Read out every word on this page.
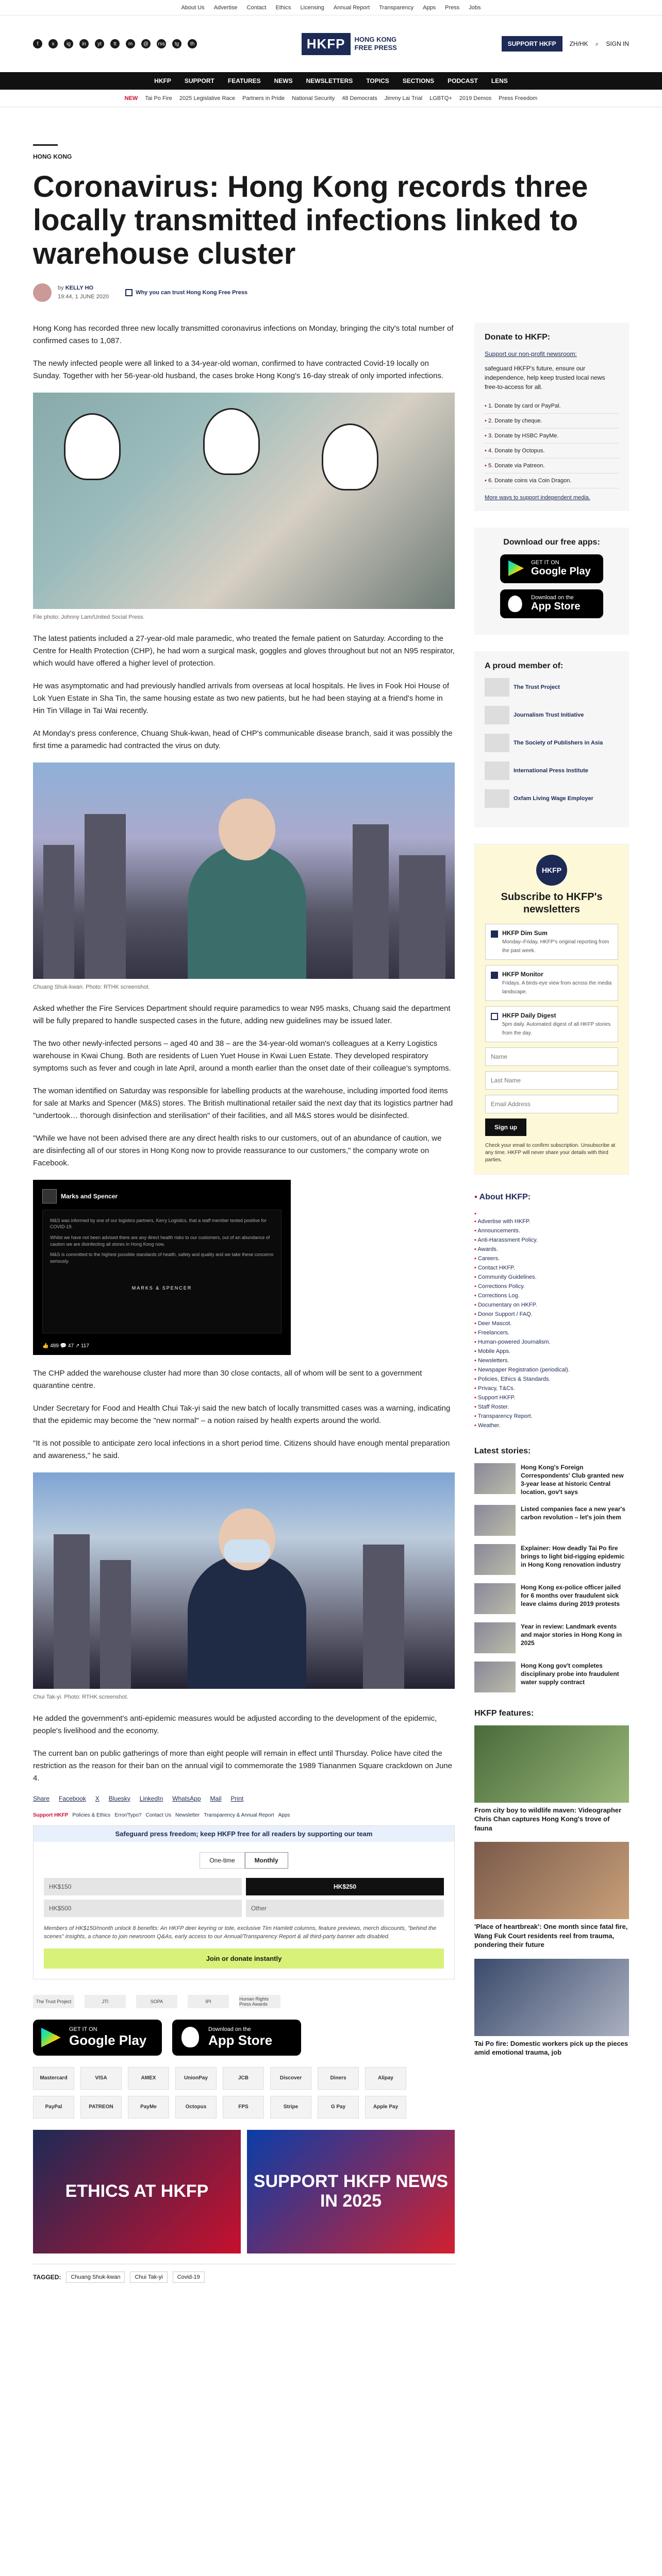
About Us Advertise Contact Ethics Licensing Annual Report Transparency Apps Press Jobs
f	x	ig	in	yt	tt	m	@	rss	tg	th	HKFP	HONG KONG
FREE PRESS	SUPPORT HKFP	ZH/HK ⌕ SIGN IN
HKFP SUPPORT FEATURES NEWS NEWSLETTERS TOPICS SECTIONS PODCAST LENS
NEW Tai Po Fire 2025 Legislative Race Partners in Pride National Security 48 Democrats Jimmy Lai Trial LGBTQ+ 2019 Demos Press Freedom
HONG KONG
Coronavirus: Hong Kong records three locally transmitted infections linked to warehouse cluster
by KELLY HO
19:44, 1 JUNE 2020
Why you can trust Hong Kong Free Press

Hong Kong has recorded three new locally transmitted coronavirus infections on Monday, bringing the city's total number of confirmed cases to 1,087.

The newly infected people were all linked to a 34-year-old woman, confirmed to have contracted Covid-19 locally on Sunday. Together with her 56-year-old husband, the cases broke Hong Kong's 16-day streak of only imported infections.

File photo: Johnny Lam/United Social Press.

The latest patients included a 27-year-old male paramedic, who treated the female patient on Saturday. According to the Centre for Health Protection (CHP), he had worn a surgical mask, goggles and gloves throughout but not an N95 respirator, which would have offered a higher level of protection.

He was asymptomatic and had previously handled arrivals from overseas at local hospitals. He lives in Fook Hoi House of Lok Yuen Estate in Sha Tin, the same housing estate as two new patients, but he had been staying at a friend's home in Hin Tin Village in Tai Wai recently.

At Monday's press conference, Chuang Shuk-kwan, head of CHP's communicable disease branch, said it was possibly the first time a paramedic had contracted the virus on duty.

Chuang Shuk-kwan. Photo: RTHK screenshot.

Asked whether the Fire Services Department should require paramedics to wear N95 masks, Chuang said the department will be fully prepared to handle suspected cases in the future, adding new guidelines may be issued later.

The two other newly-infected persons – aged 40 and 38 – are the 34-year-old woman's colleagues at a Kerry Logistics warehouse in Kwai Chung. Both are residents of Luen Yuet House in Kwai Luen Estate. They developed respiratory symptoms such as fever and cough in late April, around a month earlier than the onset date of their colleague's symptoms.

The woman identified on Saturday was responsible for labelling products at the warehouse, including imported food items for sale at Marks and Spencer (M&S) stores. The British multinational retailer said the next day that its logistics partner had "undertook… thorough disinfection and sterilisation" of their facilities, and all M&S stores would be disinfected.

"While we have not been advised there are any direct health risks to our customers, out of an abundance of caution, we are disinfecting all of our stores in Hong Kong now to provide reassurance to our customers," the company wrote on Facebook.

Marks and Spencer

M&S was informed by one of our logistics partners, Kerry Logistics, that a staff member tested positive for COVID-19.

Whilst we have not been advised there are any direct health risks to our customers, out of an abundance of caution we are disinfecting all stores in Hong Kong now.

M&S is committed to the highest possible standards of health, safety and quality and we take these concerns seriously.

MARKS & SPENCER

👍 489 💬 47 ↗ 117

The CHP added the warehouse cluster had more than 30 close contacts, all of whom will be sent to a government quarantine centre.

Under Secretary for Food and Health Chui Tak-yi said the new batch of locally transmitted cases was a warning, indicating that the epidemic may become the "new normal" – a notion raised by health experts around the world.

"It is not possible to anticipate zero local infections in a short period time. Citizens should have enough mental preparation and awareness," he said.

Chui Tak-yi. Photo: RTHK screenshot.

He added the government's anti-epidemic measures would be adjusted according to the development of the epidemic, people's livelihood and the economy.

The current ban on public gatherings of more than eight people will remain in effect until Thursday. Police have cited the restriction as the reason for their ban on the annual vigil to commemorate the 1989 Tiananmen Square crackdown on June 4.

Share Facebook X Bluesky LinkedIn WhatsApp Mail Print
Support HKFP Policies & Ethics Error/Typo? Contact Us Newsletter Transparency & Annual Report Apps
Safeguard press freedom; keep HKFP free for all readers by supporting our team
One-time	Monthly
HK$150	HK$250
HK$500	Other
Members of HK$150/month unlock 8 benefits: An HKFP deer keyring or tote, exclusive Tim Hamlett columns, feature previews, merch discounts, "behind the scenes" insights, a chance to join newsroom Q&As, early access to our Annual/Transparency Report & all third-party banner ads disabled.
Join or donate instantly
The Trust Project	JTI	SOPA	IPI	Human Rights Press Awards
GET IT ON
Google Play
Download on the
App Store
Mastercard	VISA	AMEX	UnionPay	JCB	Discover	Diners	Alipay
PayPal	PATREON	PayMe	Octopus	FPS	Stripe	G Pay	Apple Pay
ETHICS AT HKFP	SUPPORT HKFP NEWS IN 2025
TAGGED:	Chuang Shuk-kwan	Chui Tak-yi	Covid-19
Donate to HKFP:
Support our non-profit newsroom:
safeguard HKFP's future, ensure our independence, help keep trusted local news free-to-access for all.
▪ 1. Donate by card or PayPal.
▪ 2. Donate by cheque.
▪ 3. Donate by HSBC PayMe.
▪ 4. Donate by Octopus.
▪ 5. Donate via Patreon.
▪ 6. Donate coins via Coin Dragon.
More ways to support independent media.
Download our free apps:
GET IT ON
Google Play
Download on the
App Store
A proud member of:
The Trust Project
Journalism Trust Initiative
The Society of Publishers in Asia
International Press Institute
Oxfam Living Wage Employer
HKFP
Subscribe to HKFP's newsletters
HKFP Dim Sum
Monday–Friday. HKFP's original reporting from the past week.
HKFP Monitor
Fridays. A birds-eye view from across the media landscape.
HKFP Daily Digest
5pm daily. Automated digest of all HKFP stories from the day.
Name Last Name Email Address
Sign up
Check your email to confirm subscription. Unsubscribe at any time. HKFP will never share your details with third parties.
▪ About HKFP:
▪ ▪ Advertise with HKFP.
▪ Announcements.
▪ Anti-Harassment Policy.
▪ Awards.
▪ Careers.
▪ Contact HKFP.
▪ Community Guidelines.
▪ Corrections Policy.
▪ Corrections Log.
▪ Documentary on HKFP.
▪ Donor Support / FAQ.
▪ Deer Mascot.
▪ Freelancers.
▪ Human-powered Journalism.
▪ Mobile Apps.
▪ Newsletters.
▪ Newspaper Registration (periodical).
▪ Policies, Ethics & Standards.
▪ Privacy, T&Cs.
▪ Support HKFP.
▪ Staff Roster.
▪ Transparency Report.
▪ Weather.
Latest stories:
Hong Kong's Foreign Correspondents' Club granted new 3-year lease at historic Central location, gov't says
Listed companies face a new year's carbon revolution – let's join them
Explainer: How deadly Tai Po fire brings to light bid-rigging epidemic in Hong Kong renovation industry
Hong Kong ex-police officer jailed for 6 months over fraudulent sick leave claims during 2019 protests
Year in review: Landmark events and major stories in Hong Kong in 2025
Hong Kong gov't completes disciplinary probe into fraudulent water supply contract
HKFP features:
From city boy to wildlife maven: Videographer Chris Chan captures Hong Kong's trove of fauna
'Place of heartbreak': One month since fatal fire, Wang Fuk Court residents reel from trauma, pondering their future
Tai Po fire: Domestic workers pick up the pieces amid emotional trauma, job
